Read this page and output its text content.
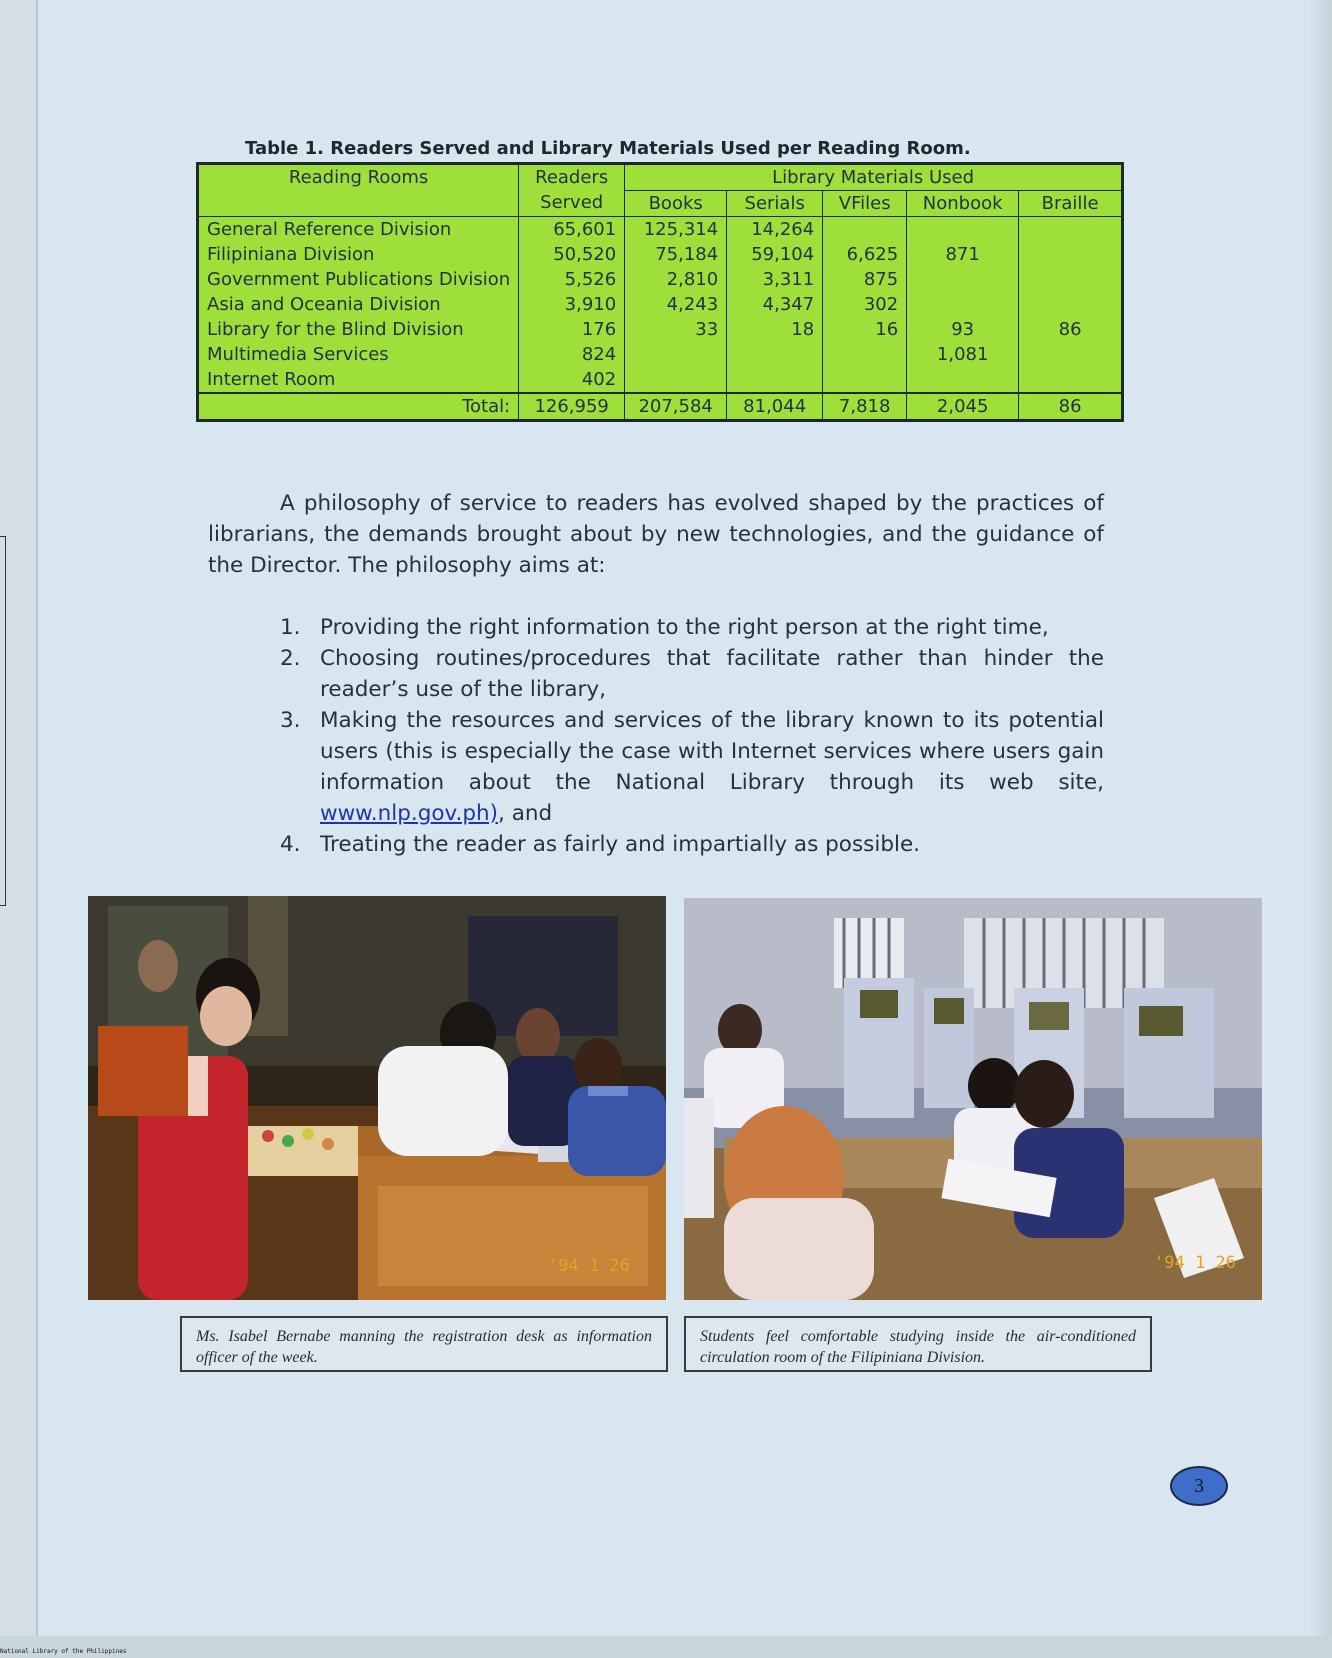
Table 1. Readers Served and Library Materials Used per Reading Room.
Reading Rooms	Readers
Served	Library Materials Used				
		Books	Serials	VFiles	Nonbook	Braille
General Reference Division	65,601	125,314	14,264			
Filipiniana Division	50,520	75,184	59,104	6,625	871	
Government Publications Division	5,526	2,810	3,311	875		
Asia and Oceania Division	3,910	4,243	4,347	302		
Library for the Blind Division	176	33	18	16	93	86
Multimedia Services	824				1,081	
Internet Room	402					
Total:	126,959	207,584	81,044	7,818	2,045	86

A philosophy of service to readers has evolved shaped by the practices of librarians, the demands brought about by new technologies, and the guidance of the Director. The philosophy aims at:

1. Providing the right information to the right person at the right time,
2. Choosing routines/procedures that facilitate rather than hinder the reader’s use of the library,
3. Making the resources and services of the library known to its potential users (this is especially the case with Internet services where users gain information about the National Library through its web site, www.nlp.gov.ph), and
4. Treating the reader as fairly and impartially as possible.
'94 1 26	'94 1 26
Ms. Isabel Bernabe manning the registration desk as information officer of the week.
Students feel comfortable studying inside the air-conditioned circulation room of the Filipiniana Division.
3
National Library of the Philippines
